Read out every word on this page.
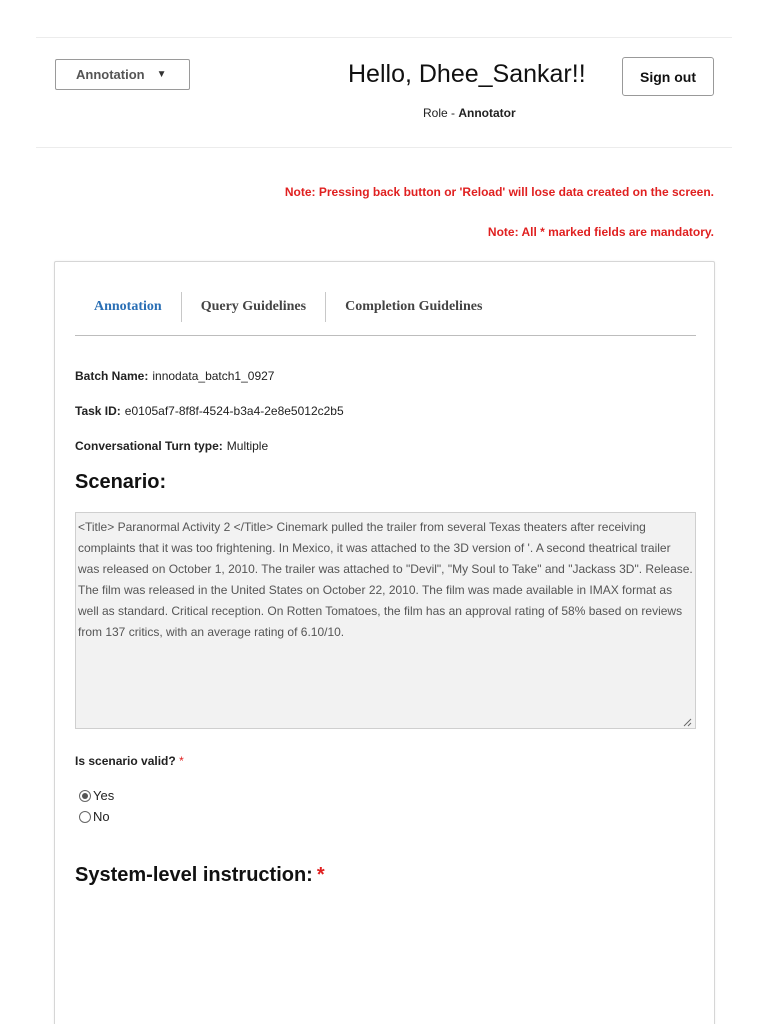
Annotation ▼	Hello, Dhee_Sankar!!
Role - Annotator
Sign out
Note: Pressing back button or 'Reload' will lose data created on the screen.
Note: All * marked fields are mandatory.
Annotation	Query Guidelines	Completion Guidelines
Batch Name: innodata_batch1_0927
Task ID: e0105af7-8f8f-4524-b3a4-2e8e5012c2b5
Conversational Turn type: Multiple
Scenario:
<Title> Paranormal Activity 2 </Title> Cinemark pulled the trailer from several Texas theaters after receiving complaints that it was too frightening. In Mexico, it was attached to the 3D version of '. A second theatrical trailer was released on October 1, 2010. The trailer was attached to "Devil", "My Soul to Take" and "Jackass 3D". Release. The film was released in the United States on October 22, 2010. The film was made available in IMAX format as well as standard. Critical reception. On Rotten Tomatoes, the film has an approval rating of 58% based on reviews from 137 critics, with an average rating of 6.10/10.
Is scenario valid? *
Yes
No
System-level instruction: *
